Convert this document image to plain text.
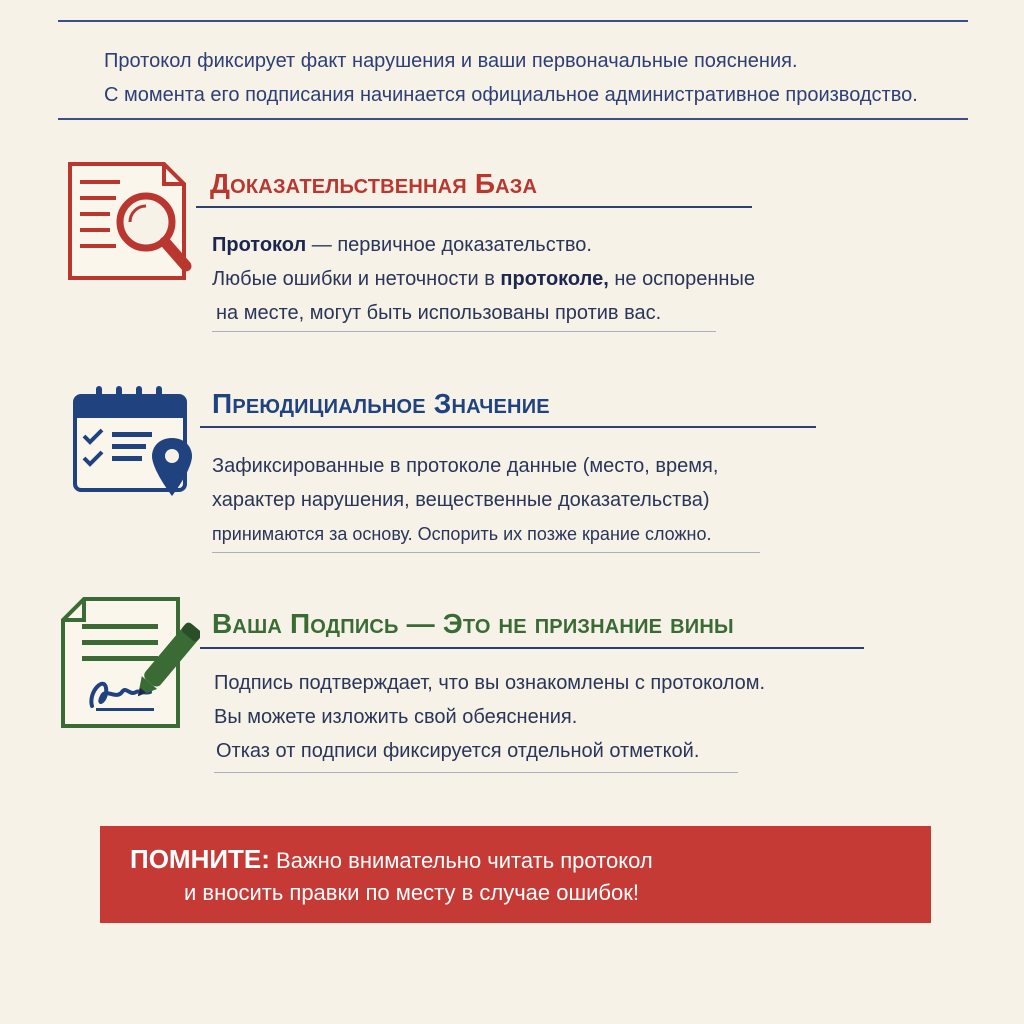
Протокол фиксирует факт нарушения и ваши первоначальные пояснения.
С момента его подписания начинается официальное административное производство.
Доказательственная База
Протокол — первичное доказательство.
Любые ошибки и неточности в протоколе, не оспоренные
на месте, могут быть использованы против вас.
Преюдициальное Значение
Зафиксированные в протоколе данные (место, время,
характер нарушения, вещественные доказательства)
принимаются за основу. Оспорить их позже крание сложно.
Ваша Подпись — Это не признание вины
Подпись подтверждает, что вы ознакомлены с протоколом.
Вы можете изложить свой обеяснения.
Отказ от подписи фиксируется отдельной отметкой.
ПОМНИТЕ: Важно внимательно читать протокол
и вносить правки по месту в случае ошибок!
